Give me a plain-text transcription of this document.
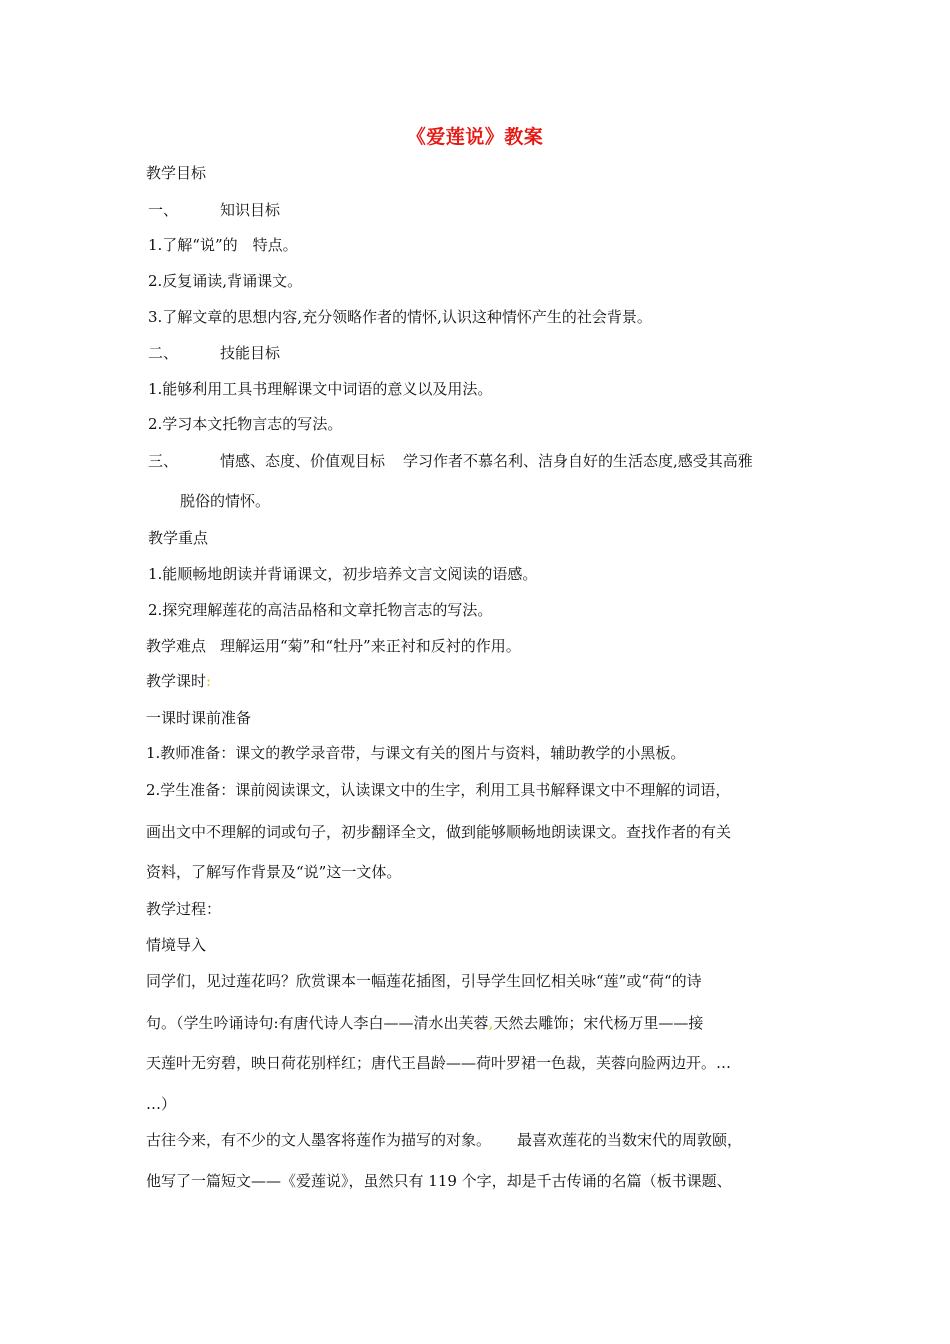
《爱莲说》教案
教学目标
一、	知识目标
1.了解“说”的　特点。
2.反复诵读,背诵课文。
3.了解文章的思想内容,充分领略作者的情怀,认识这种情怀产生的社会背景。
二、	技能目标
1.能够利用工具书理解课文中词语的意义以及用法。
2.学习本文托物言志的写法。
三、	情感、态度、价值观目标 学习作者不慕名利、洁身自好的生活态度,感受其高雅
脱俗的情怀。
教学重点
1.能顺畅地朗读并背诵课文，初步培养文言文阅读的语感。
2.探究理解莲花的高洁品格和文章托物言志的写法。
教学难点 理解运用“菊”和“牡丹”来正衬和反衬的作用。
教学课时:
一课时课前准备
1.教师准备：课文的教学录音带，与课文有关的图片与资料，辅助教学的小黑板。
2.学生准备：课前阅读课文，认读课文中的生字，利用工具书解释课文中不理解的词语，
画出文中不理解的词或句子，初步翻译全文，做到能够顺畅地朗读课文。查找作者的有关
资料，了解写作背景及“说”这一文体。
教学过程：
情境导入
同学们，见过莲花吗？欣赏课本一幅莲花插图，引导学生回忆相关咏“莲”或“荷“的诗
句。（学生吟诵诗句:有唐代诗人李白——清水出芙蓉,天然去雕饰；宋代杨万里——接
天莲叶无穷碧，映日荷花别样红；唐代王昌龄——荷叶罗裙一色裁，芙蓉向脸两边开。…
…）
古往今来，有不少的文人墨客将莲作为描写的对象。 最喜欢莲花的当数宋代的周敦颐，
他写了一篇短文——《爱莲说》，虽然只有 119 个字，却是千古传诵的名篇（板书课题、
